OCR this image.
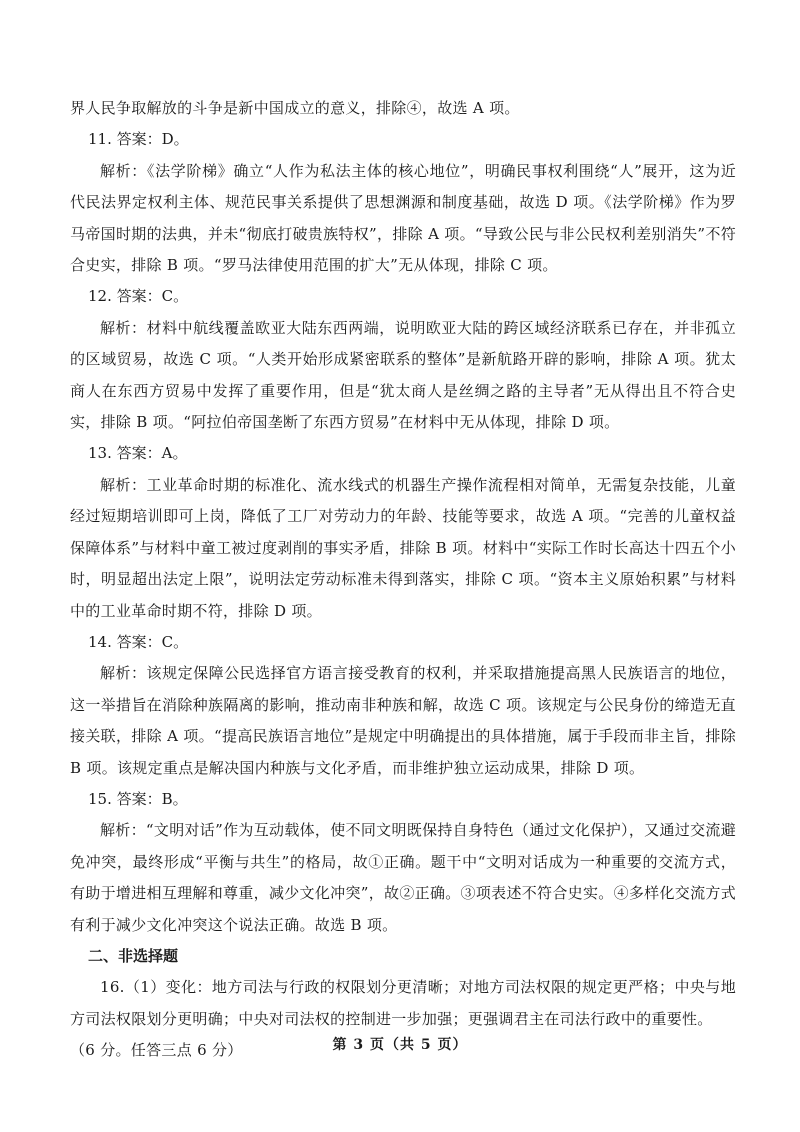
界人民争取解放的斗争是新中国成立的意义，排除④，故选 A 项。

11. 答案：D。

解析：《法学阶梯》确立“人作为私法主体的核心地位”，明确民事权利围绕“人”展开，这为近代民法界定权利主体、规范民事关系提供了思想渊源和制度基础，故选 D 项。《法学阶梯》作为罗马帝国时期的法典，并未“彻底打破贵族特权”，排除 A 项。“导致公民与非公民权利差别消失”不符合史实，排除 B 项。“罗马法律使用范围的扩大”无从体现，排除 C 项。

12. 答案：C。

解析：材料中航线覆盖欧亚大陆东西两端，说明欧亚大陆的跨区域经济联系已存在，并非孤立的区域贸易，故选 C 项。“人类开始形成紧密联系的整体”是新航路开辟的影响，排除 A 项。犹太商人在东西方贸易中发挥了重要作用，但是“犹太商人是丝绸之路的主导者”无从得出且不符合史实，排除 B 项。“阿拉伯帝国垄断了东西方贸易”在材料中无从体现，排除 D 项。

13. 答案：A。

解析：工业革命时期的标准化、流水线式的机器生产操作流程相对简单，无需复杂技能，儿童经过短期培训即可上岗，降低了工厂对劳动力的年龄、技能等要求，故选 A 项。“完善的儿童权益保障体系”与材料中童工被过度剥削的事实矛盾，排除 B 项。材料中“实际工作时长高达十四五个小时，明显超出法定上限”，说明法定劳动标准未得到落实，排除 C 项。“资本主义原始积累”与材料中的工业革命时期不符，排除 D 项。

14. 答案：C。

解析：该规定保障公民选择官方语言接受教育的权利，并采取措施提高黑人民族语言的地位，这一举措旨在消除种族隔离的影响，推动南非种族和解，故选 C 项。该规定与公民身份的缔造无直接关联，排除 A 项。“提高民族语言地位”是规定中明确提出的具体措施，属于手段而非主旨，排除 B 项。该规定重点是解决国内种族与文化矛盾，而非维护独立运动成果，排除 D 项。

15. 答案：B。

解析：“文明对话”作为互动载体，使不同文明既保持自身特色（通过文化保护），又通过交流避免冲突，最终形成“平衡与共生”的格局，故①正确。题干中“文明对话成为一种重要的交流方式，有助于增进相互理解和尊重，减少文化冲突”，故②正确。③项表述不符合史实。④多样化交流方式有利于减少文化冲突这个说法正确。故选 B 项。

二、非选择题

16.（1）变化：地方司法与行政的权限划分更清晰；对地方司法权限的规定更严格；中央与地方司法权限划分更明确；中央对司法权的控制进一步加强；更强调君主在司法行政中的重要性。

（6 分。任答三点 6 分）	第 3 页（共 5 页）
